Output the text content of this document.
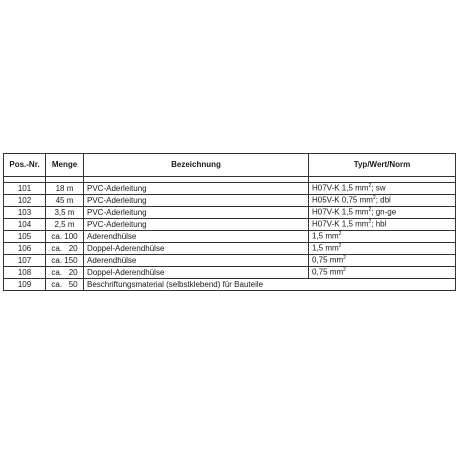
Pos.-Nr.	Menge	Bezeichnung	Typ/Wert/Norm

101	18 m	PVC-Aderleitung	H07V-K 1,5 $mm^2$; sw
102	45 m	PVC-Aderleitung	H05V-K 0,75 $mm^2$; dbl
103	3,5 m	PVC-Aderleitung	H07V-K 1,5 $mm^2$; gn-ge
104	2,5 m	PVC-Aderleitung	H07V-K 1,5 $mm^2$; hbl
105	ca. 100	Aderendhülse	1,5 $mm^2$
106	ca.   20	Doppel-Aderendhülse	1,5 $mm^2$
107	ca. 150	Aderendhülse	0,75 $mm^2$
108	ca.   20	Doppel-Aderendhülse	0,75 $mm^2$
109	ca.   50	Beschriftungsmaterial (selbstklebend) für Bauteile	
